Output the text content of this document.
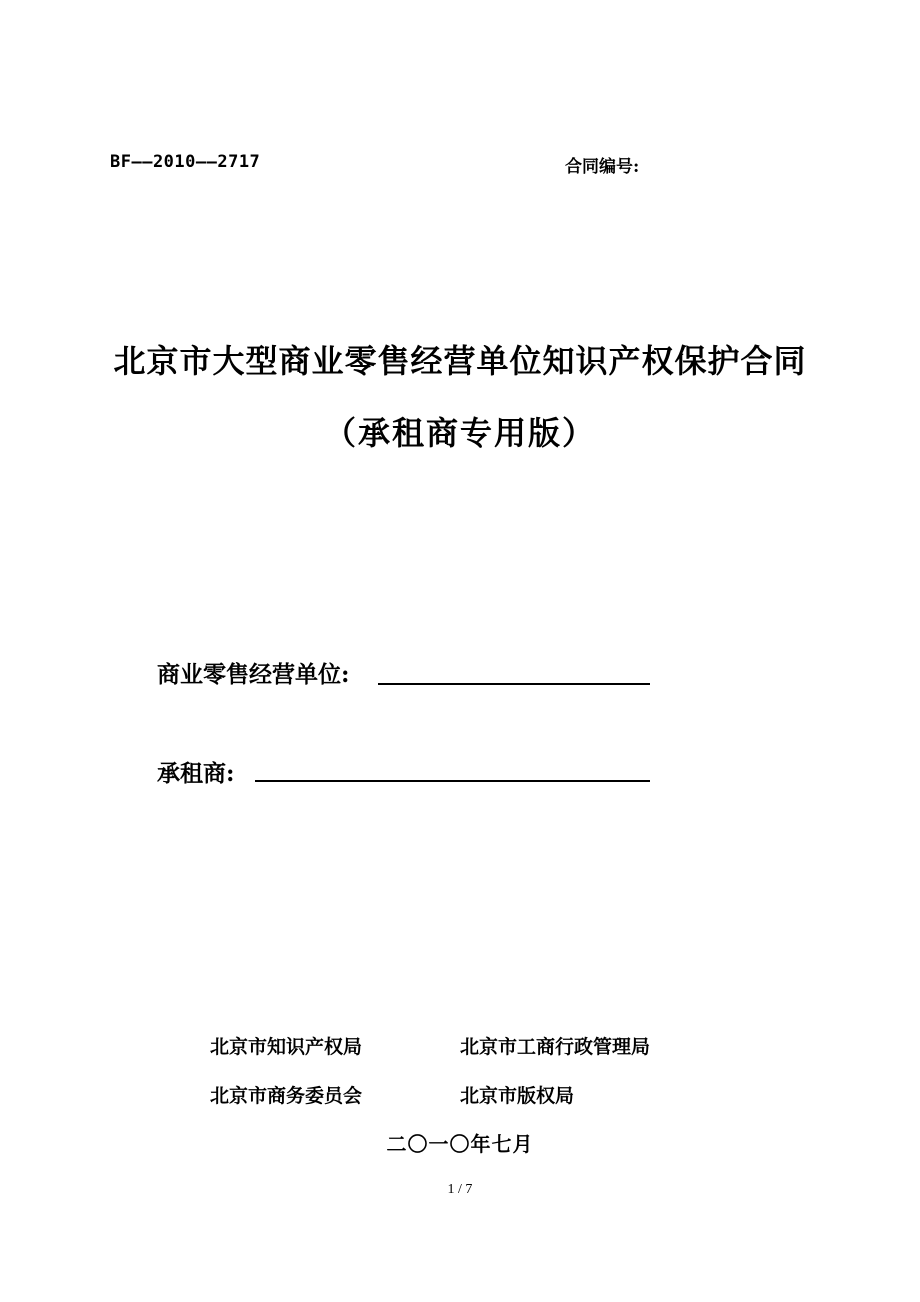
BF——2010——2717	合同编号:
北京市大型商业零售经营单位知识产权保护合同
（承租商专用版）
商业零售经营单位:
承租商:
北京市知识产权局	北京市工商行政管理局
北京市商务委员会	北京市版权局
二〇一〇年七月
1 / 7
